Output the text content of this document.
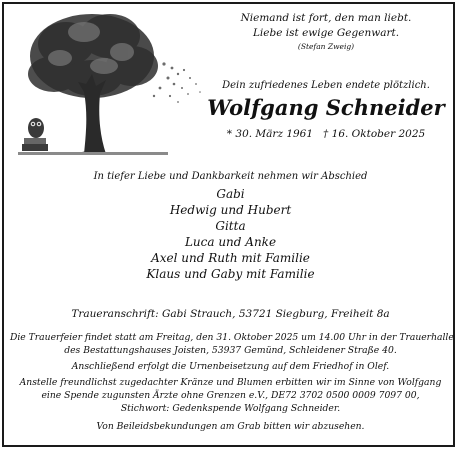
Niemand ist fort, den man liebt.
Liebe ist ewige Gegenwart.
(Stefan Zweig)
Dein zufriedenes Leben endete plötzlich.
Wolfgang Schneider
* 30. März 1961 † 16. Oktober 2025
In tiefer Liebe und Dankbarkeit nehmen wir Abschied
Gabi
Hedwig und Hubert
Gitta
Luca und Anke
Axel und Ruth mit Familie
Klaus und Gaby mit Familie
Traueranschrift: Gabi Strauch, 53721 Siegburg, Freiheit 8a
Die Trauerfeier findet statt am Freitag, den 31. Oktober 2025 um 14.00 Uhr in der Trauerhalle
des Bestattungshauses Joisten, 53937 Gemünd, Schleidener Straße 40.
Anschließend erfolgt die Urnenbeisetzung auf dem Friedhof in Olef.
Anstelle freundlichst zugedachter Kränze und Blumen erbitten wir im Sinne von Wolfgang
eine Spende zugunsten Ärzte ohne Grenzen e.V., DE72 3702 0500 0009 7097 00,
Stichwort: Gedenkspende Wolfgang Schneider.
Von Beileidsbekundungen am Grab bitten wir abzusehen.
